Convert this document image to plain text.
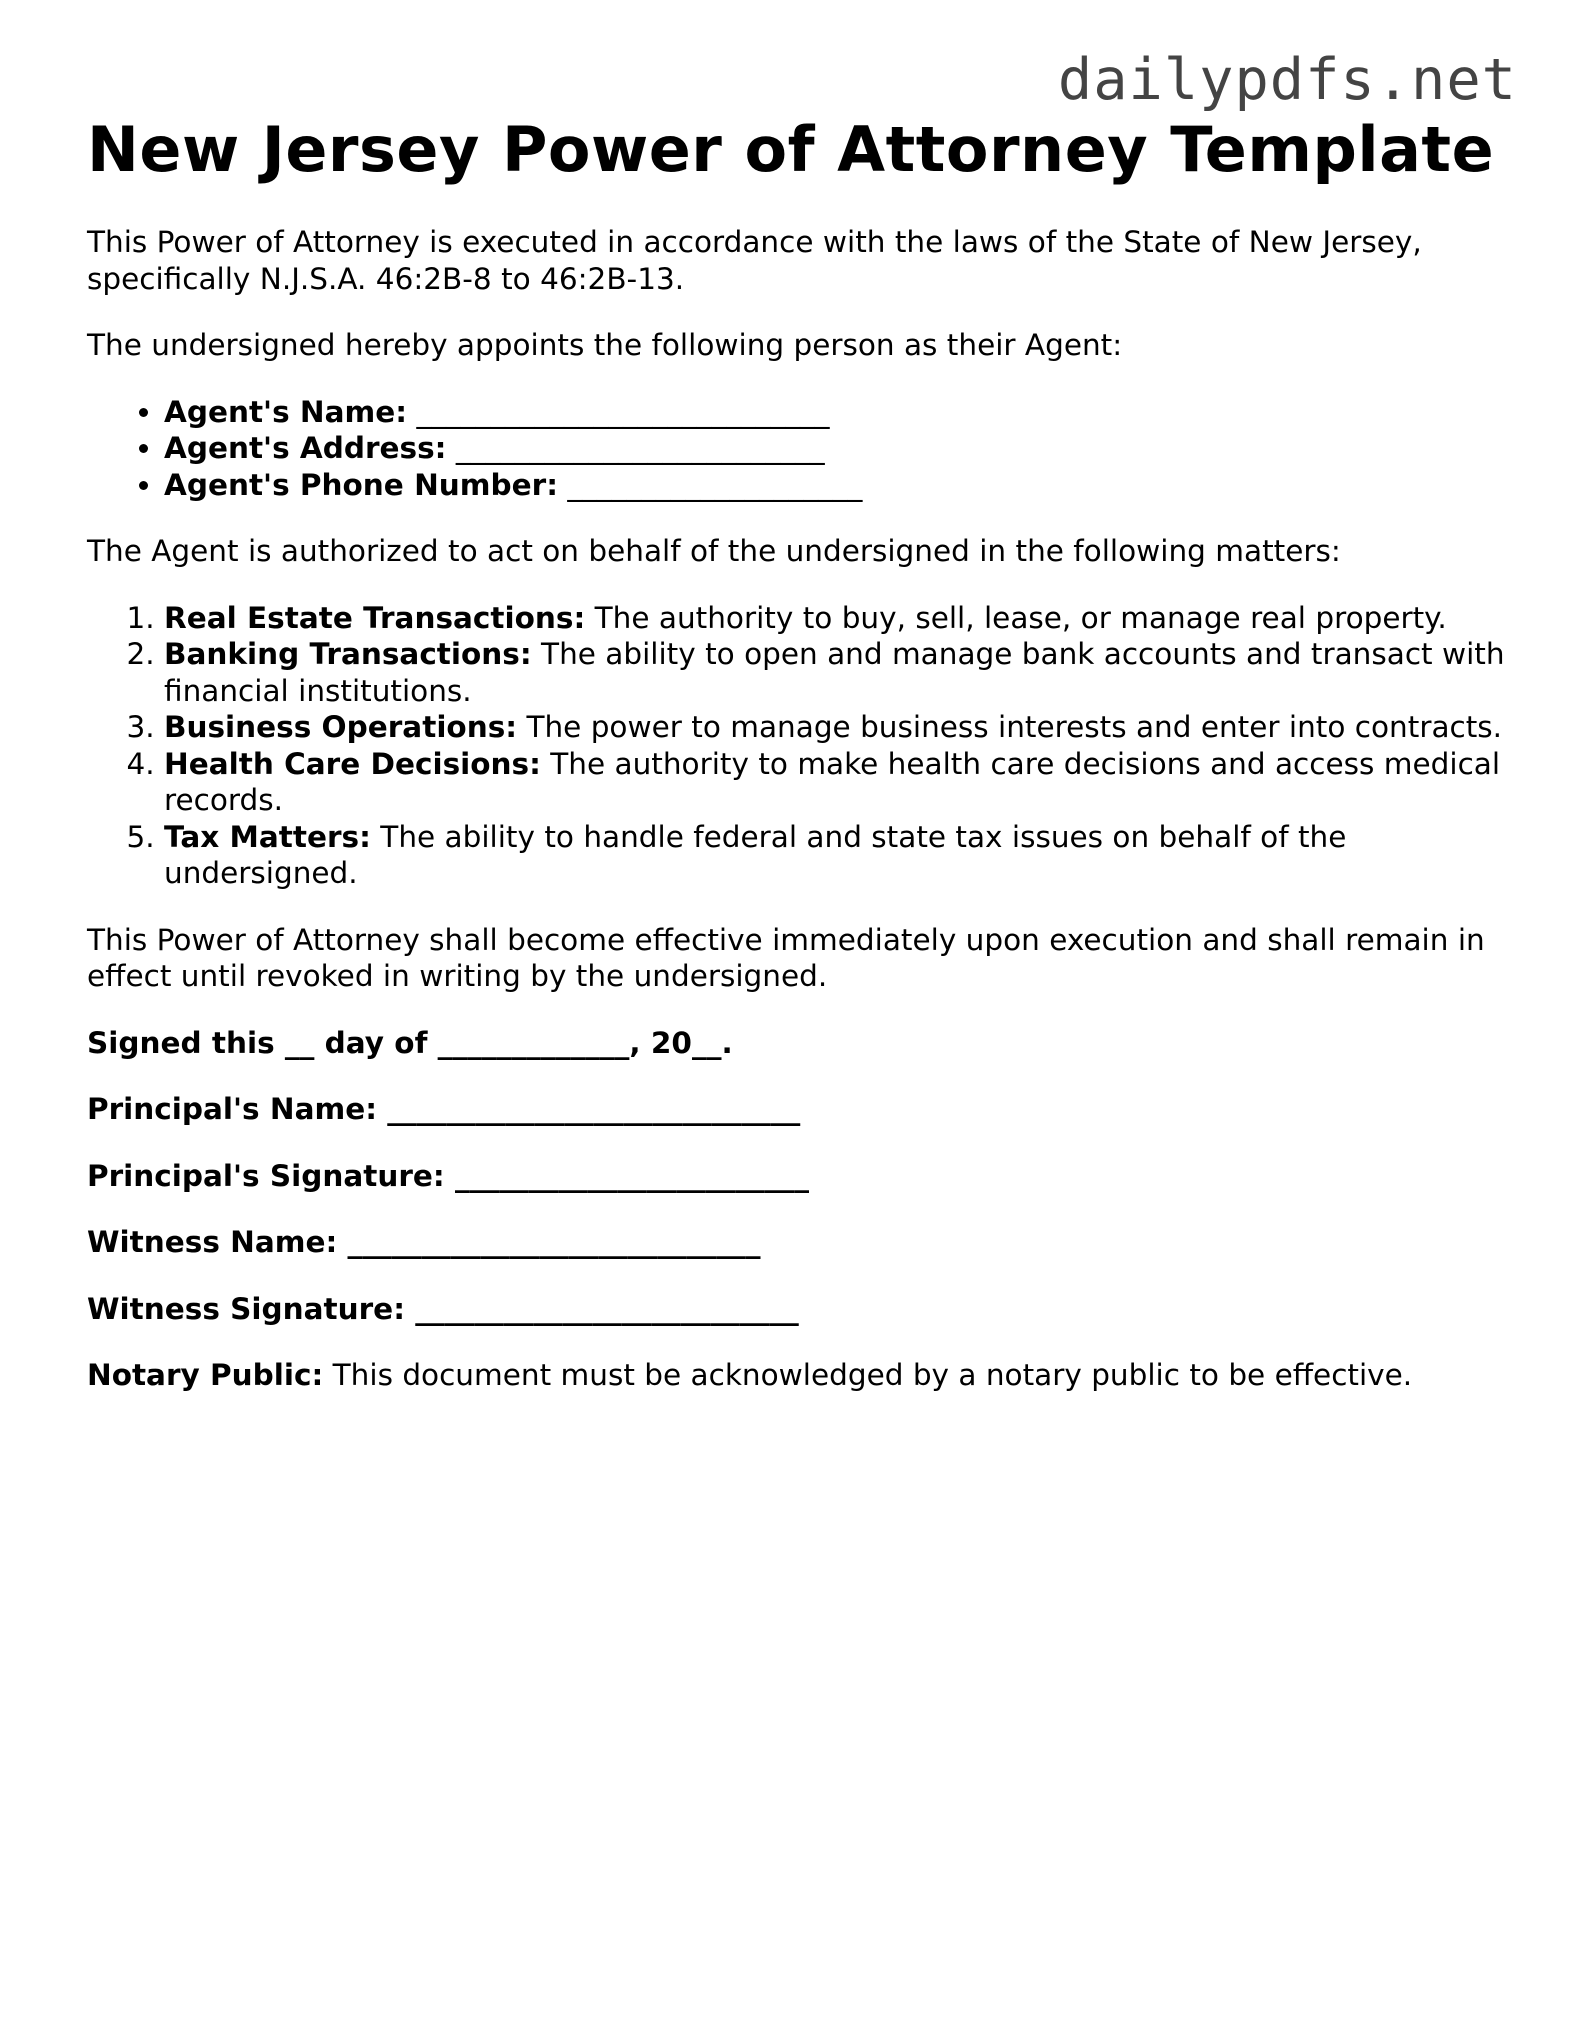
dailypdfs.net
New Jersey Power of Attorney Template

This Power of Attorney is executed in accordance with the laws of the State of New Jersey, specifically N.J.S.A. 46:2B-8 to 46:2B-13.

The undersigned hereby appoints the following person as their Agent:

• Agent's Name: ____________________________
• Agent's Address: _________________________
• Agent's Phone Number: ____________________

The Agent is authorized to act on behalf of the undersigned in the following matters:

1. Real Estate Transactions: The authority to buy, sell, lease, or manage real property.
2. Banking Transactions: The ability to open and manage bank accounts and transact with financial institutions.
3. Business Operations: The power to manage business interests and enter into contracts.
4. Health Care Decisions: The authority to make health care decisions and access medical records.
5. Tax Matters: The ability to handle federal and state tax issues on behalf of the undersigned.

This Power of Attorney shall become effective immediately upon execution and shall remain in effect until revoked in writing by the undersigned.

Signed this __ day of _____________, 20__.

Principal's Name: ____________________________

Principal's Signature: ________________________

Witness Name: ____________________________

Witness Signature: __________________________

Notary Public: This document must be acknowledged by a notary public to be effective.
